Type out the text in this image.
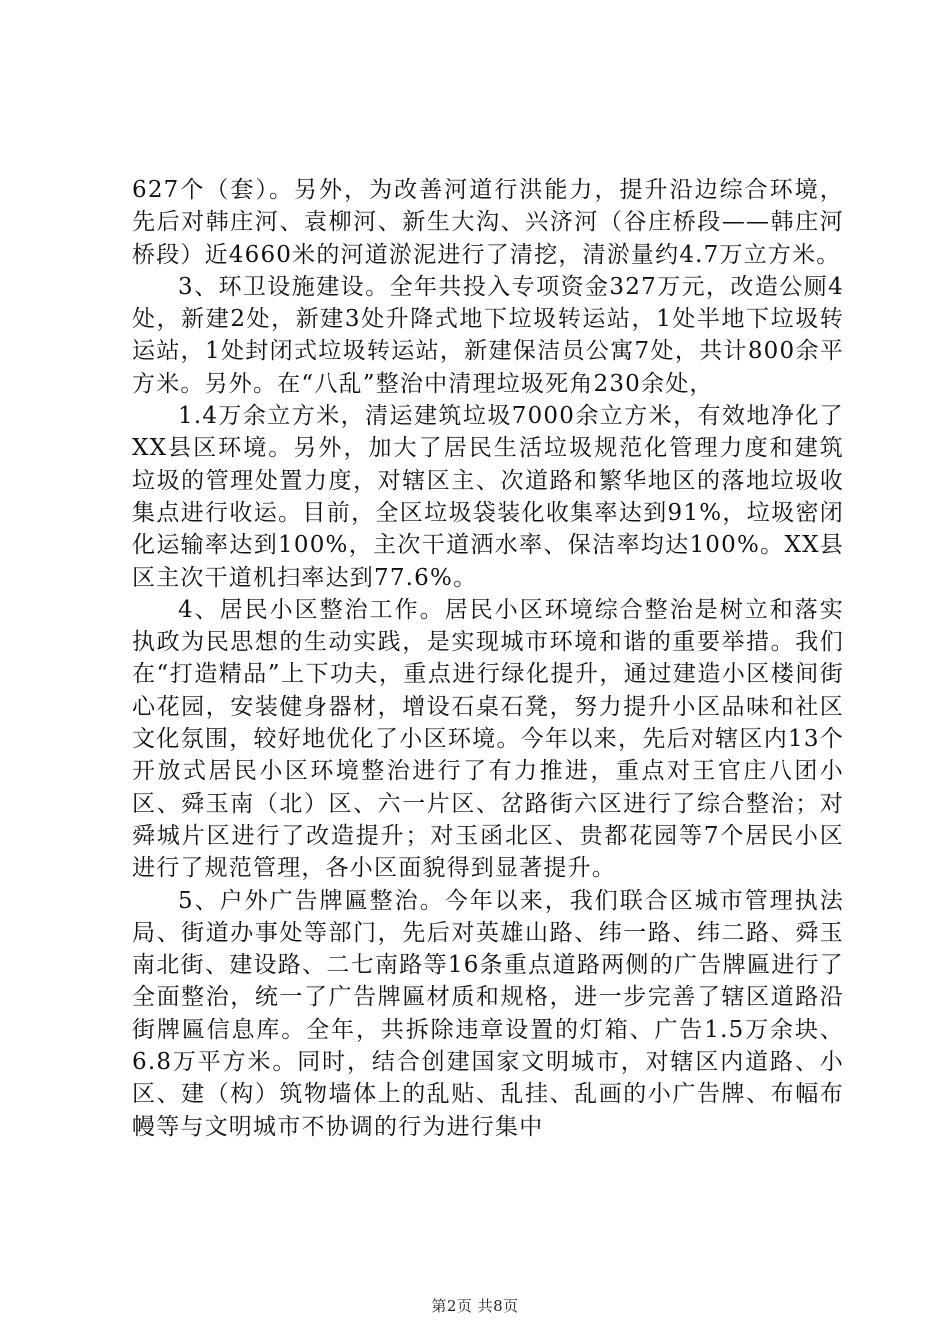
627个（套）。另外，为改善河道行洪能力，提升沿边综合环境，先后对韩庄河、袁柳河、新生大沟、兴济河（谷庄桥段——韩庄河桥段）近4660米的河道淤泥进行了清挖，清淤量约4.7万立方米。

3、环卫设施建设。全年共投入专项资金327万元，改造公厕4处，新建2处，新建3处升降式地下垃圾转运站，1处半地下垃圾转运站，1处封闭式垃圾转运站，新建保洁员公寓7处，共计800余平方米。另外。在“八乱”整治中清理垃圾死角230余处，

1.4万余立方米，清运建筑垃圾7000余立方米，有效地净化了XX县区环境。另外，加大了居民生活垃圾规范化管理力度和建筑垃圾的管理处置力度，对辖区主、次道路和繁华地区的落地垃圾收集点进行收运。目前，全区垃圾袋装化收集率达到91%，垃圾密闭化运输率达到100%，主次干道洒水率、保洁率均达100%。XX县区主次干道机扫率达到77.6%。

4、居民小区整治工作。居民小区环境综合整治是树立和落实执政为民思想的生动实践，是实现城市环境和谐的重要举措。我们在“打造精品”上下功夫，重点进行绿化提升，通过建造小区楼间街心花园，安装健身器材，增设石桌石凳，努力提升小区品味和社区文化氛围，较好地优化了小区环境。今年以来，先后对辖区内13个开放式居民小区环境整治进行了有力推进，重点对王官庄八团小区、舜玉南（北）区、六一片区、岔路街六区进行了综合整治；对舜城片区进行了改造提升；对玉函北区、贵都花园等7个居民小区进行了规范管理，各小区面貌得到显著提升。

5、户外广告牌匾整治。今年以来，我们联合区城市管理执法局、街道办事处等部门，先后对英雄山路、纬一路、纬二路、舜玉南北街、建设路、二七南路等16条重点道路两侧的广告牌匾进行了全面整治，统一了广告牌匾材质和规格，进一步完善了辖区道路沿街牌匾信息库。全年，共拆除违章设置的灯箱、广告1.5万余块、6.8万平方米。同时，结合创建国家文明城市，对辖区内道路、小区、建（构）筑物墙体上的乱贴、乱挂、乱画的小广告牌、布幅布幔等与文明城市不协调的行为进行集中

第2页 共8页
